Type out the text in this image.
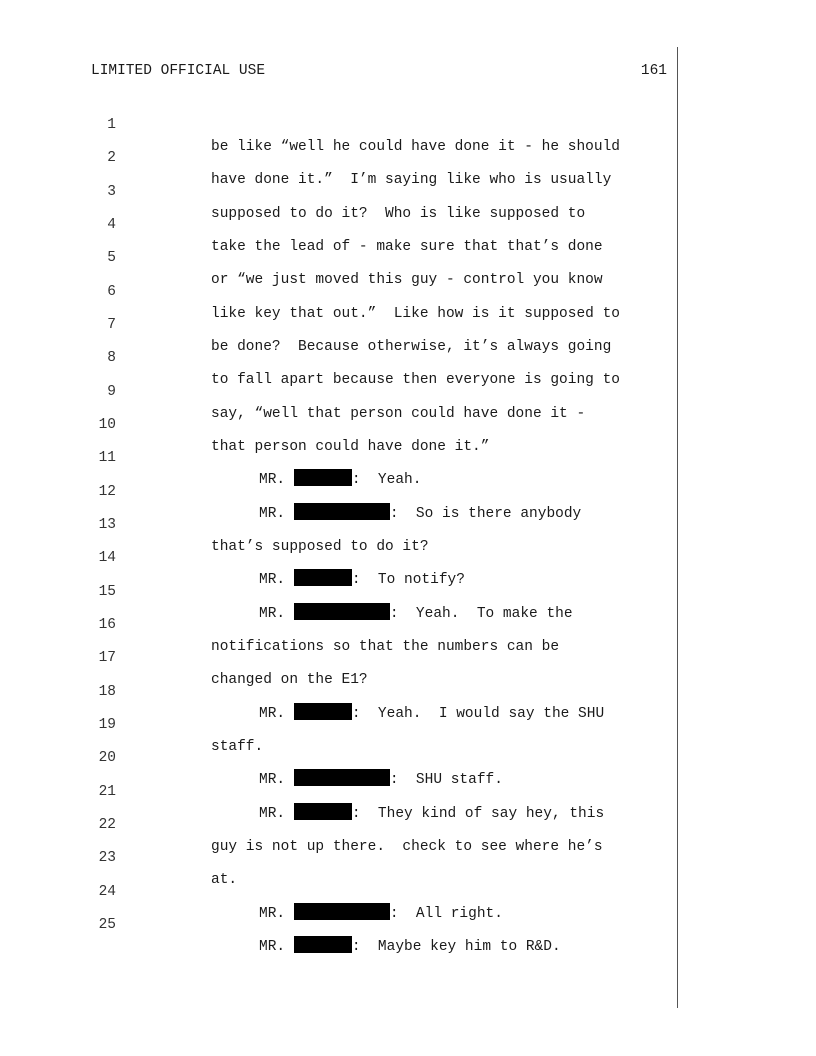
LIMITED OFFICIAL USE	161

1

be like “well he could have done it - he should

2

have done it.”  I’m saying like who is usually

3

supposed to do it?  Who is like supposed to

4

take the lead of - make sure that that’s done

5

or “we just moved this guy - control you know

6

like key that out.”  Like how is it supposed to

7

be done?  Because otherwise, it’s always going

8

to fall apart because then everyone is going to

9

say, “well that person could have done it -

10

that person could have done it.”

11

MR.	:  Yeah.

12

MR.	:  So is there anybody

13

that’s supposed to do it?

14

MR.	:  To notify?

15

MR.	:  Yeah.  To make the

16

notifications so that the numbers can be

17

changed on the E1?

18

MR.	:  Yeah.  I would say the SHU

19

staff.

20

MR.	:  SHU staff.

21

MR.	:  They kind of say hey, this

22

guy is not up there.  check to see where he’s

23

at.

24

MR.	:  All right.

25

MR.	:  Maybe key him to R&D.
